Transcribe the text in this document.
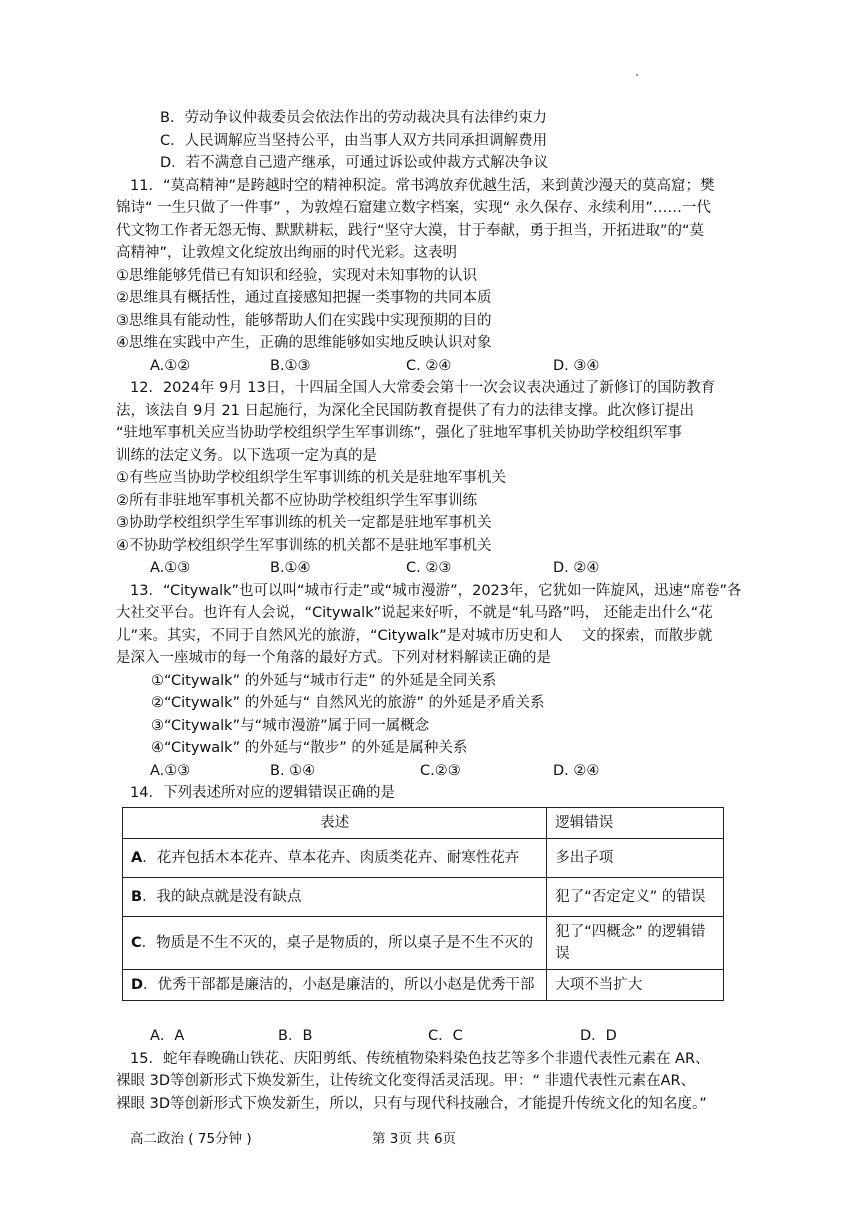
B．劳动争议仲裁委员会依法作出的劳动裁决具有法律约束力
C．人民调解应当坚持公平，由当事人双方共同承担调解费用
D．若不满意自己遗产继承，可通过诉讼或仲裁方式解决争议
11．“莫高精神”是跨越时空的精神积淀。常书鸿放弃优越生活，来到黄沙漫天的莫高窟；樊
锦诗“ 一生只做了一件事” ，为敦煌石窟建立数字档案，实现“ 永久保存、永续利用”……一代
代文物工作者无怨无悔、默默耕耘，践行“坚守大漠，甘于奉献，勇于担当，开拓进取”的“莫
高精神”，让敦煌文化绽放出绚丽的时代光彩。这表明
①思维能够凭借已有知识和经验，实现对未知事物的认识
②思维具有概括性，通过直接感知把握一类事物的共同本质
③思维具有能动性，能够帮助人们在实践中实现预期的目的
④思维在实践中产生，正确的思维能够如实地反映认识对象
A.①②	B.①③	C. ②④	D. ③④
12．2024年 9月 13日，十四届全国人大常委会第十一次会议表决通过了新修订的国防教育
法，该法自 9月 21 日起施行，为深化全民国防教育提供了有力的法律支撑。此次修订提出
“驻地军事机关应当协助学校组织学生军事训练”，强化了驻地军事机关协助学校组织军事
训练的法定义务。以下选项一定为真的是
①有些应当协助学校组织学生军事训练的机关是驻地军事机关
②所有非驻地军事机关都不应协助学校组织学生军事训练
③协助学校组织学生军事训练的机关一定都是驻地军事机关
④不协助学校组织学生军事训练的机关都不是驻地军事机关
A.①③	B.①④	C. ②③	D. ②④
13．“Citywalk”也可以叫“城市行走”或“城市漫游”，2023年，它犹如一阵旋风，迅速“席卷”各
大社交平台。也许有人会说，“Citywalk”说起来好听，不就是“轧马路”吗， 还能走出什么“花
儿”来。其实，不同于自然风光的旅游，“Citywalk”是对城市历史和人　 文的探索，而散步就
是深入一座城市的每一个角落的最好方式。下列对材料解读正确的是
①“Citywalk” 的外延与“城市行走” 的外延是全同关系
②“Citywalk” 的外延与“ 自然风光的旅游” 的外延是矛盾关系
③“Citywalk”与“城市漫游”属于同一属概念
④“Citywalk” 的外延与“散步” 的外延是属种关系
A.①③	B. ①④	C.②③	D. ②④
14．下列表述所对应的逻辑错误正确的是
表述	逻辑错误
A．花卉包括木本花卉、草本花卉、肉质类花卉、耐寒性花卉	多出子项
B．我的缺点就是没有缺点	犯了“否定定义” 的错误
C．物质是不生不灭的，桌子是物质的，所以桌子是不生不灭的	犯了“四概念” 的逻辑错误
D．优秀干部都是廉洁的，小赵是廉洁的，所以小赵是优秀干部	大项不当扩大
A．A	B．B	C．C	D．D
15．蛇年春晚确山铁花、庆阳剪纸、传统植物染料染色技艺等多个非遗代表性元素在 AR、
裸眼 3D等创新形式下焕发新生，让传统文化变得活灵活现。甲：“ 非遗代表性元素在AR、
裸眼 3D等创新形式下焕发新生，所以，只有与现代科技融合，才能提升传统文化的知名度。”
高二政治 ( 75分钟 )	第 3页 共 6页
